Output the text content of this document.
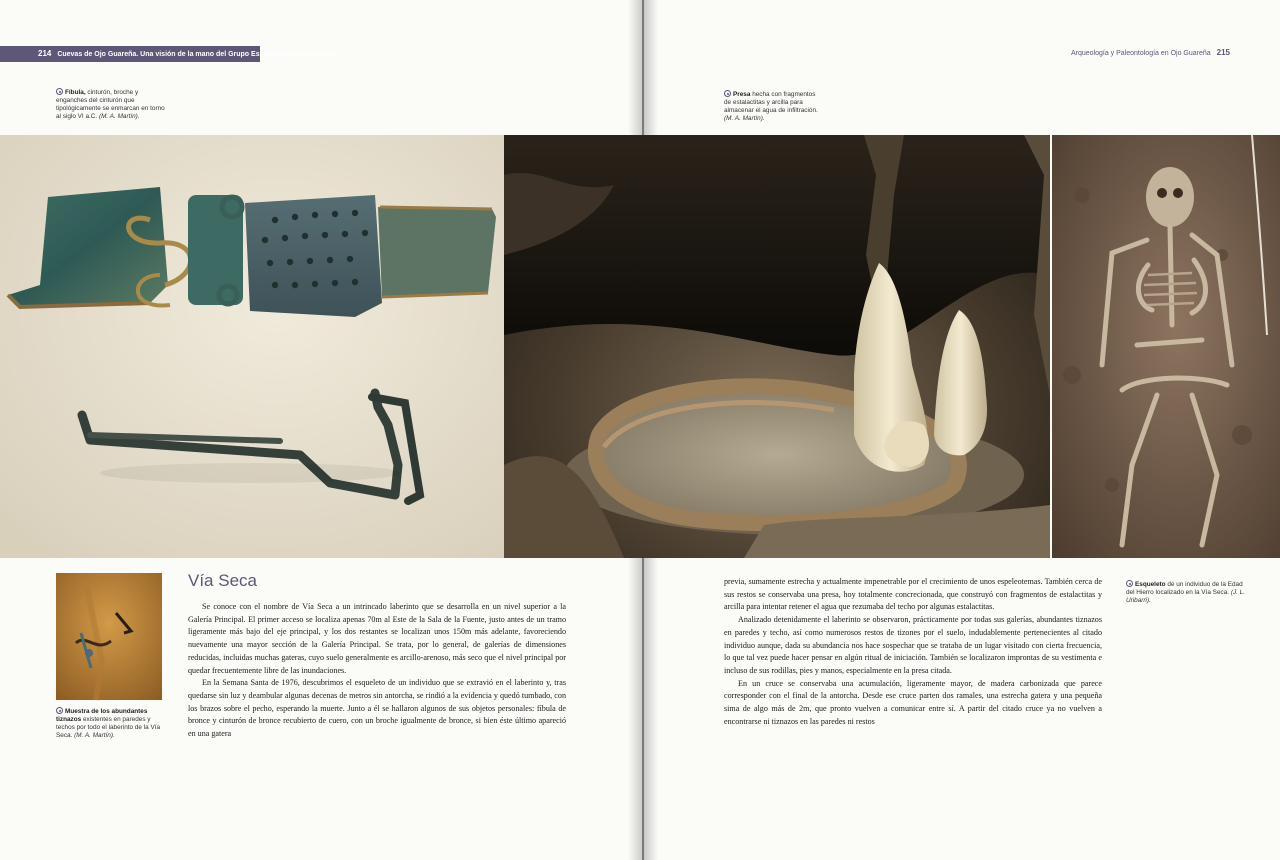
214 Cuevas de Ojo Guareña. Una visión de la mano del Grupo Espeleológico Edelweiss
Fíbula, cinturón, broche y enganches del cinturón que tipológicamente se enmarcan en torno al siglo VI a.C. (M. A. Martín).
Muestra de los abundantes tiznazos existentes en paredes y techos por todo el laberinto de la Vía Seca. (M. A. Martín).
Vía Seca

Se conoce con el nombre de Vía Seca a un intrincado laberinto que se desarrolla en un nivel superior a la Galería Principal. El primer acceso se localiza apenas 70m al Este de la Sala de la Fuente, justo antes de un tramo ligeramente más bajo del eje principal, y los dos restantes se localizan unos 150m más adelante, favoreciendo nuevamente una mayor sección de la Galería Principal. Se trata, por lo general, de galerías de dimensiones reducidas, incluidas muchas gateras, cuyo suelo generalmente es arcillo-arenoso, más seco que el nivel principal por quedar frecuentemente libre de las inundaciones.

En la Semana Santa de 1976, descubrimos el esqueleto de un individuo que se extravió en el laberinto y, tras quedarse sin luz y deambular algunas decenas de metros sin antorcha, se rindió a la evidencia y quedó tumbado, con los brazos sobre el pecho, esperando la muerte. Junto a él se hallaron algunos de sus objetos personales: fíbula de bronce y cinturón de bronce recubierto de cuero, con un broche igualmente de bronce, si bien éste último apareció en una gatera

Arqueología y Paleontología en Ojo Guareña 215
Presa hecha con fragmentos de estalactitas y arcilla para almacenar el agua de infiltración. (M. A. Martín).
Esqueleto de un individuo de la Edad del Hierro localizado en la Vía Seca. (J. L. Uribarri).

previa, sumamente estrecha y actualmente impenetrable por el crecimiento de unos espeleotemas. También cerca de sus restos se conservaba una presa, hoy totalmente concrecionada, que construyó con fragmentos de estalactitas y arcilla para intentar retener el agua que rezumaba del techo por algunas estalactitas.

Analizado detenidamente el laberinto se observaron, prácticamente por todas sus galerías, abundantes tiznazos en paredes y techo, así como numerosos restos de tizones por el suelo, indudablemente pertenecientes al citado individuo aunque, dada su abundancia nos hace sospechar que se trataba de un lugar visitado con cierta frecuencia, lo que tal vez puede hacer pensar en algún ritual de iniciación. También se localizaron improntas de su vestimenta e incluso de sus rodillas, pies y manos, especialmente en la presa citada.

En un cruce se conservaba una acumulación, ligeramente mayor, de madera carbonizada que parece corresponder con el final de la antorcha. Desde ese cruce parten dos ramales, una estrecha gatera y una pequeña sima de algo más de 2m, que pronto vuelven a comunicar entre sí. A partir del citado cruce ya no vuelven a encontrarse ni tiznazos en las paredes ni restos
